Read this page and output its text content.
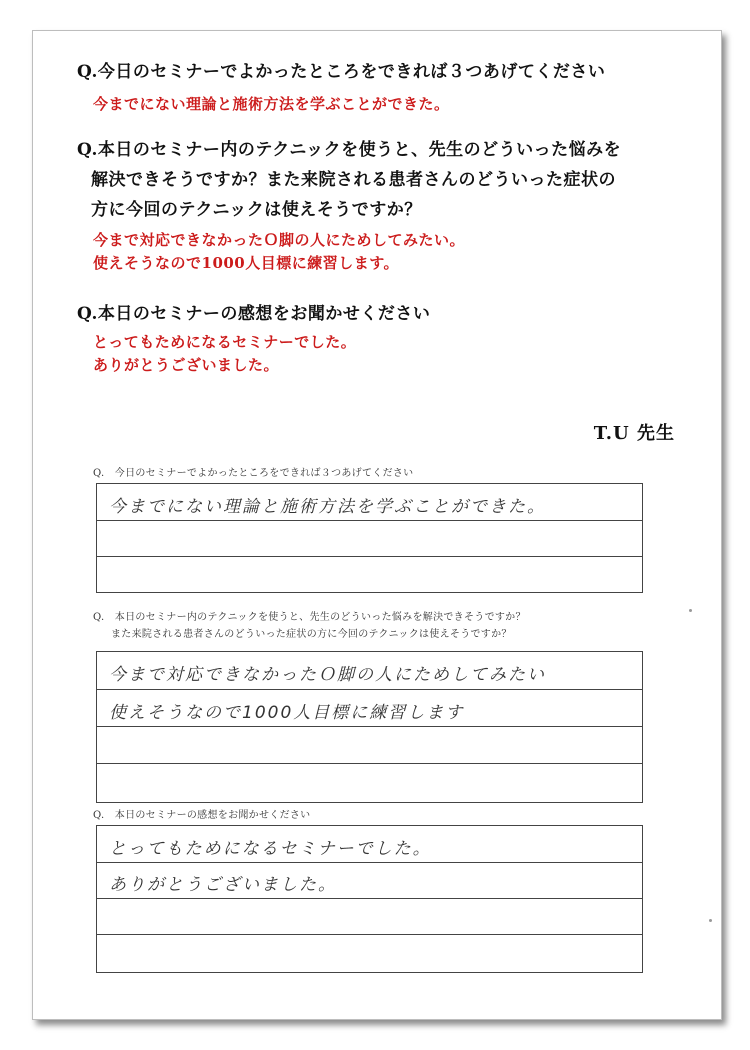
Q.今日のセミナーでよかったところをできれば３つあげてください
今までにない理論と施術方法を学ぶことができた。
Q.本日のセミナー内のテクニックを使うと、先生のどういった悩みを
解決できそうですか？また来院される患者さんのどういった症状の
方に今回のテクニックは使えそうですか？
今まで対応できなかったＯ脚の人にためしてみたい。
使えそうなので1000人目標に練習します。
Q.本日のセミナーの感想をお聞かせください
とってもためになるセミナーでした。
ありがとうございました。
T.U 先生
Q.　今日のセミナーでよかったところをできれば３つあげてください
今までにない理論と施術方法を学ぶことができた。
Q.　本日のセミナー内のテクニックを使うと、先生のどういった悩みを解決できそうですか？
また来院される患者さんのどういった症状の方に今回のテクニックは使えそうですか？
今まで対応できなかったＯ脚の人にためしてみたい
使えそうなので1000人目標に練習します
Q.　本日のセミナーの感想をお聞かせください
とってもためになるセミナーでした。
ありがとうございました。
